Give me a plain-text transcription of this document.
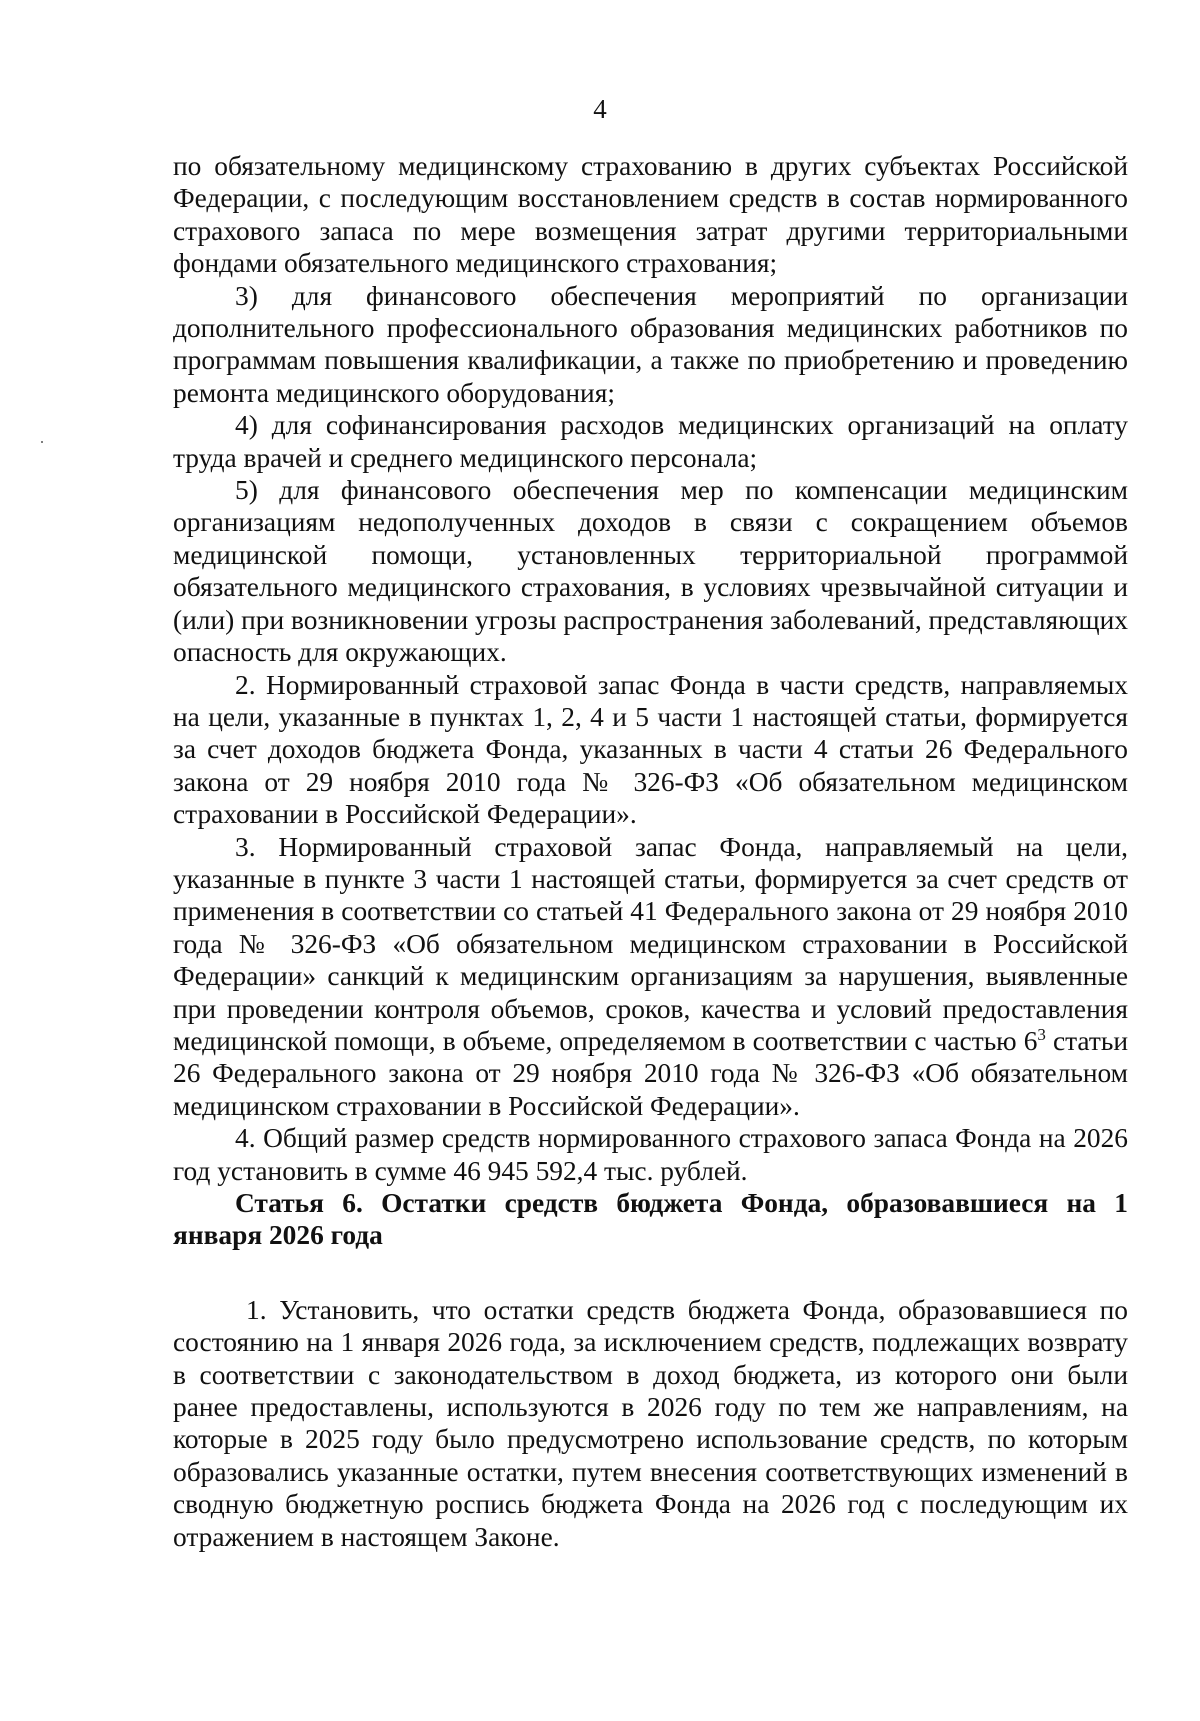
4

по обязательному медицинскому страхованию в других субъектах Российской Федерации, с последующим восстановлением средств в состав нормированного страхового запаса по мере возмещения затрат другими территориальными фондами обязательного медицинского страхования;

3) для финансового обеспечения мероприятий по организации дополнительного профессионального образования медицинских работников по программам повышения квалификации, а также по приобретению и проведению ремонта медицинского оборудования;

4) для софинансирования расходов медицинских организаций на оплату труда врачей и среднего медицинского персонала;

5) для финансового обеспечения мер по компенсации медицинским организациям недополученных доходов в связи с сокращением объемов медицинской помощи, установленных территориальной программой обязательного медицинского страхования, в условиях чрезвычайной ситуации и (или) при возникновении угрозы распространения заболеваний, представляющих опасность для окружающих.

2. Нормированный страховой запас Фонда в части средств, направляемых на цели, указанные в пунктах 1, 2, 4 и 5 части 1 настоящей статьи, формируется за счет доходов бюджета Фонда, указанных в части 4 статьи 26 Федерального закона от 29 ноября 2010 года № 326-ФЗ «Об обязательном медицинском страховании в Российской Федерации».

3. Нормированный страховой запас Фонда, направляемый на цели, указанные в пункте 3 части 1 настоящей статьи, формируется за счет средств от применения в соответствии со статьей 41 Федерального закона от 29 ноября 2010 года № 326-ФЗ «Об обязательном медицинском страховании в Российской Федерации» санкций к медицинским организациям за нарушения, выявленные при проведении контроля объемов, сроков, качества и условий предоставления медицинской помощи, в объеме, определяемом в соответствии с частью $6^3$ статьи 26 Федерального закона от 29 ноября 2010 года № 326-ФЗ «Об обязательном медицинском страховании в Российской Федерации».

4. Общий размер средств нормированного страхового запаса Фонда на 2026 год установить в сумме 46 945 592,4 тыс. рублей.

Статья 6. Остатки средств бюджета Фонда, образовавшиеся на 1 января 2026 года

1. Установить, что остатки средств бюджета Фонда, образовавшиеся по состоянию на 1 января 2026 года, за исключением средств, подлежащих возврату в соответствии с законодательством в доход бюджета, из которого они были ранее предоставлены, используются в 2026 году по тем же направлениям, на которые в 2025 году было предусмотрено использование средств, по которым образовались указанные остатки, путем внесения соответствующих изменений в сводную бюджетную роспись бюджета Фонда на 2026 год с последующим их отражением в настоящем Законе.
